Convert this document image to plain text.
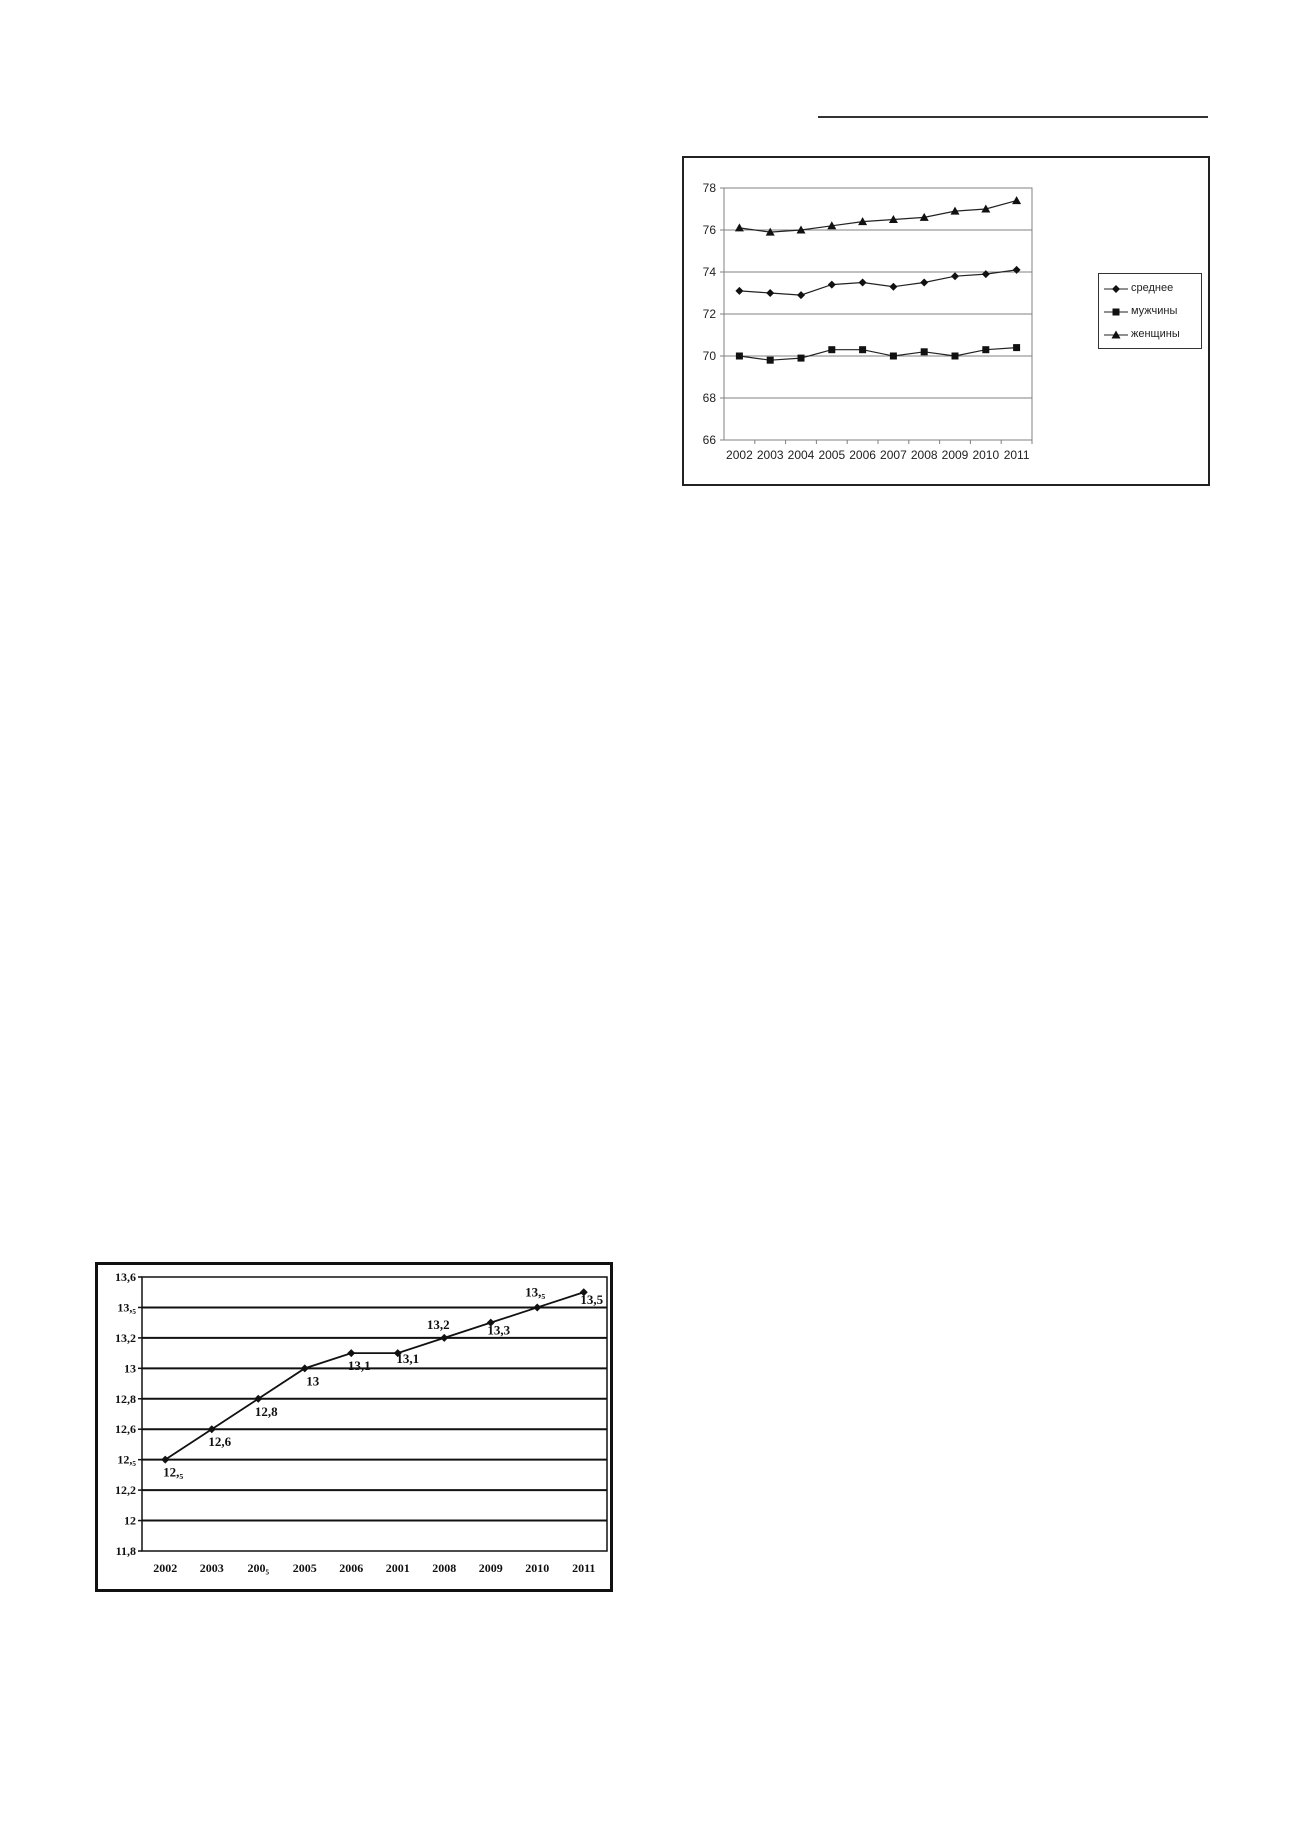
66
68
70
72
74
76
78
2002 2003 2004 2005 2006 2007 2008 2009 2010 2011
среднее
мужчины
женщины
11,8
12
12,2
12,₅
12,6
12,8
13
13,2
13,₅
13,6
2002 2003 200₅ 2005 2006 2001 2008 2009 2010 2011
12,₅
12,6
12,8
13
13,1 13,1
13,2	13,3
13,₅
13,5
